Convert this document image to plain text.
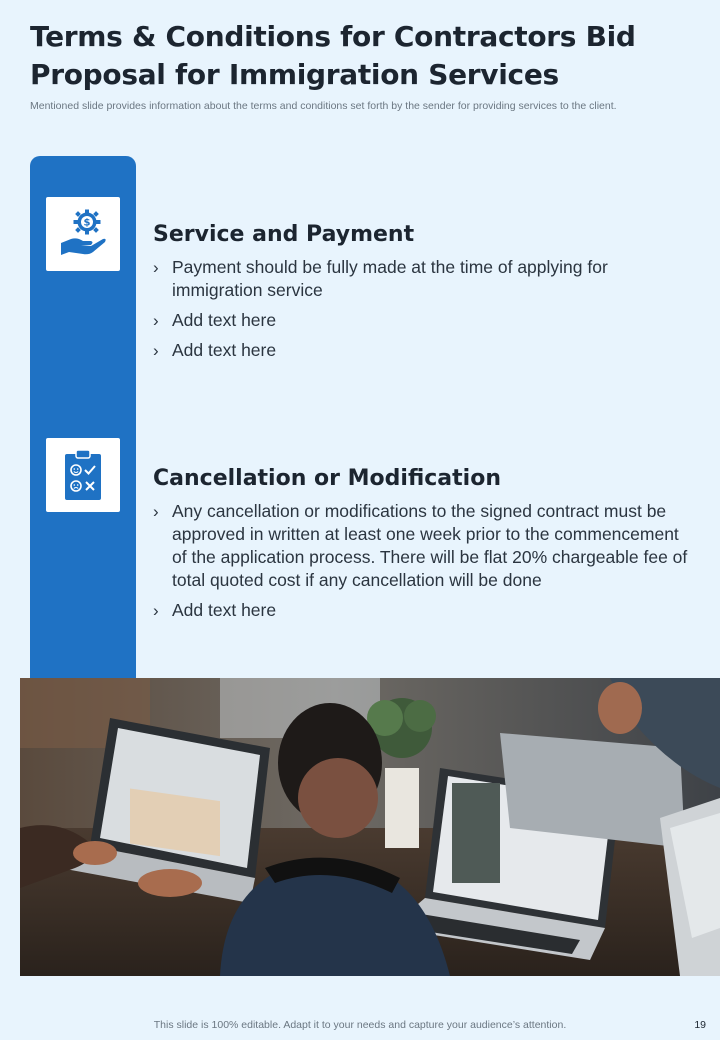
Terms & Conditions for Contractors Bid Proposal for Immigration Services
Mentioned slide provides information about the terms and conditions set forth by the sender for providing services to the client.
$	Service and Payment
› Payment should be fully made at the time of applying for immigration service
› Add text here
› Add text here
Cancellation or Modification
› Any cancellation or modifications to the signed contract must be approved in written at least one week prior to the commencement of the application process. There will be flat 20% chargeable fee of total quoted cost if any cancellation will be done
› Add text here
This slide is 100% editable. Adapt it to your needs and capture your audience’s attention.	19
